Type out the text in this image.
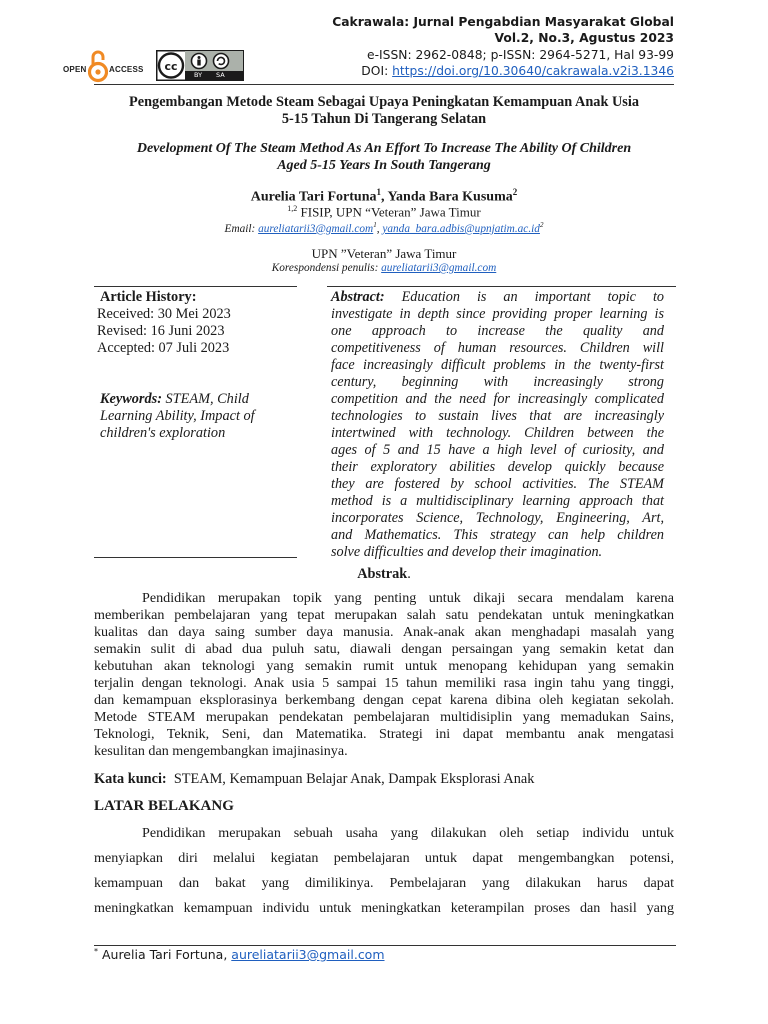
OPEN	ACCESS cc
BY SA
Cakrawala: Jurnal Pengabdian Masyarakat Global
Vol.2, No.3, Agustus 2023
e-ISSN: 2962-0848; p-ISSN: 2964-5271, Hal 93-99
DOI: https://doi.org/10.30640/cakrawala.v2i3.1346
Pengembangan Metode Steam Sebagai Upaya Peningkatan Kemampuan Anak Usia
5-15 Tahun Di Tangerang Selatan
Development Of The Steam Method As An Effort To Increase The Ability Of Children
Aged 5-15 Years In South Tangerang
Aurelia Tari Fortuna$^1$, Yanda Bara Kusuma$^2$
$^{1,2}$ FISIP, UPN “Veteran” Jawa Timur
Email: aureliatarii3@gmail.com$^1$, $yanda\_bara.adbis@upnjatim.ac.id^2$
UPN ”Veteran” Jawa Timur
Korespondensi penulis: aureliatarii3@gmail.com
Article History:
Received: 30 Mei 2023
Revised: 16 Juni 2023
Accepted: 07 Juli 2023
Keywords: STEAM, Child
Learning Ability, Impact of
children's exploration
Abstract: Education is an important topic to
investigate in depth since providing proper learning is
one approach to increase the quality and
competitiveness of human resources. Children will
face increasingly difficult problems in the twenty-first
century, beginning with increasingly strong
competition and the need for increasingly complicated
technologies to sustain lives that are increasingly
intertwined with technology. Children between the
ages of 5 and 15 have a high level of curiosity, and
their exploratory abilities develop quickly because
they are fostered by school activities. The STEAM
method is a multidisciplinary learning approach that
incorporates Science, Technology, Engineering, Art,
and Mathematics. This strategy can help children
solve difficulties and develop their imagination.
Abstrak.
Pendidikan merupakan topik yang penting untuk dikaji secara mendalam karena
memberikan pembelajaran yang tepat merupakan salah satu pendekatan untuk meningkatkan
kualitas dan daya saing sumber daya manusia. Anak-anak akan menghadapi masalah yang
semakin sulit di abad dua puluh satu, diawali dengan persaingan yang semakin ketat dan
kebutuhan akan teknologi yang semakin rumit untuk menopang kehidupan yang semakin
terjalin dengan teknologi. Anak usia 5 sampai 15 tahun memiliki rasa ingin tahu yang tinggi,
dan kemampuan eksplorasinya berkembang dengan cepat karena dibina oleh kegiatan sekolah.
Metode STEAM merupakan pendekatan pembelajaran multidisiplin yang memadukan Sains,
Teknologi, Teknik, Seni, dan Matematika. Strategi ini dapat membantu anak mengatasi
kesulitan dan mengembangkan imajinasinya.
Kata kunci: STEAM, Kemampuan Belajar Anak, Dampak Eksplorasi Anak
LATAR BELAKANG
Pendidikan merupakan sebuah usaha yang dilakukan oleh setiap individu untuk
menyiapkan diri melalui kegiatan pembelajaran untuk dapat mengembangkan potensi,
kemampuan dan bakat yang dimilikinya. Pembelajaran yang dilakukan harus dapat
meningkatkan kemampuan individu untuk meningkatkan keterampilan proses dan hasil yang
* Aurelia Tari Fortuna, aureliatarii3@gmail.com
